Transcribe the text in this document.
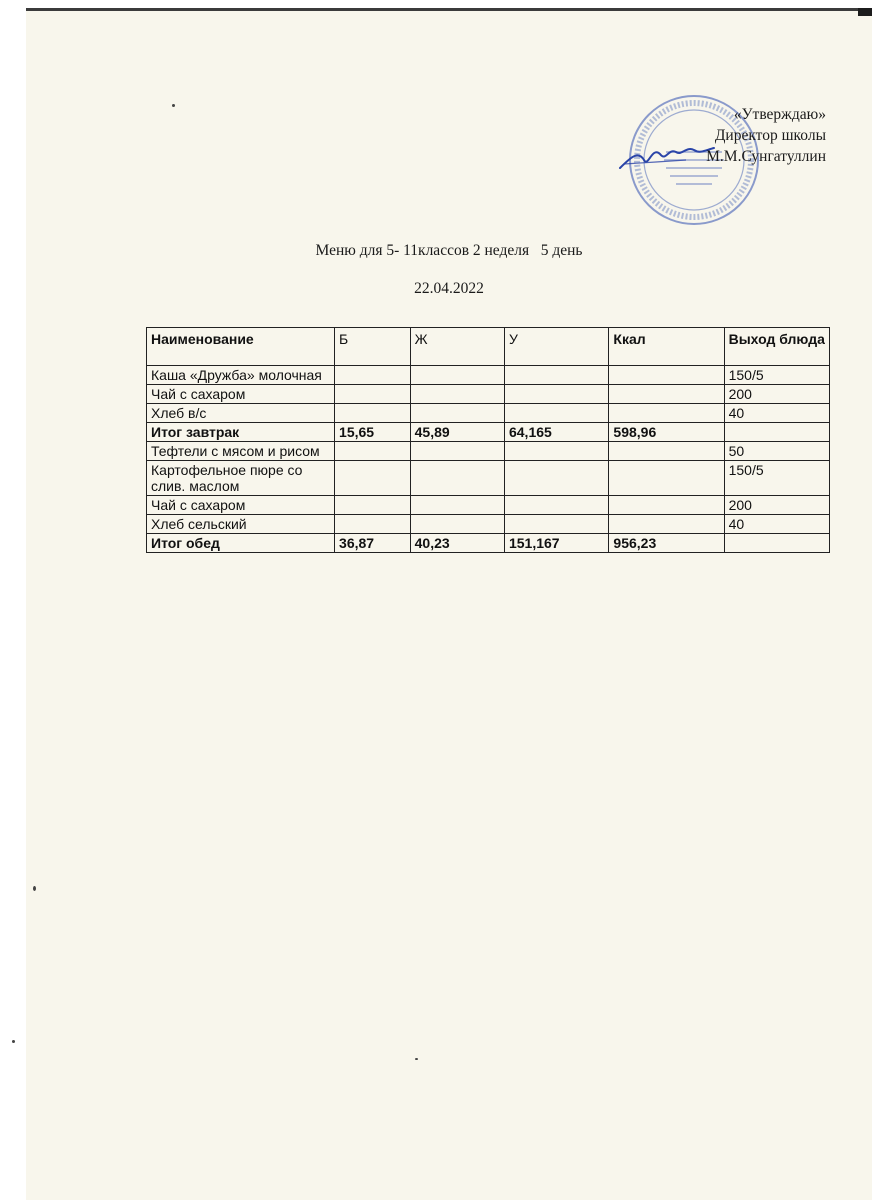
«Утверждаю»
Директор школы
М.М.Сунгатуллин
Меню для 5- 11классов 2 неделя   5 день
22.04.2022
Наименование	Б	Ж	У	Ккал	Выход блюда
Каша «Дружба» молочная					150/5
Чай с сахаром					200
Хлеб в/с					40
Итог завтрак	15,65	45,89	64,165	598,96	
Тефтели с мясом и рисом					50
Картофельное пюре со слив. маслом					150/5
Чай с сахаром					200
Хлеб сельский					40
Итог обед	36,87	40,23	151,167	956,23	
